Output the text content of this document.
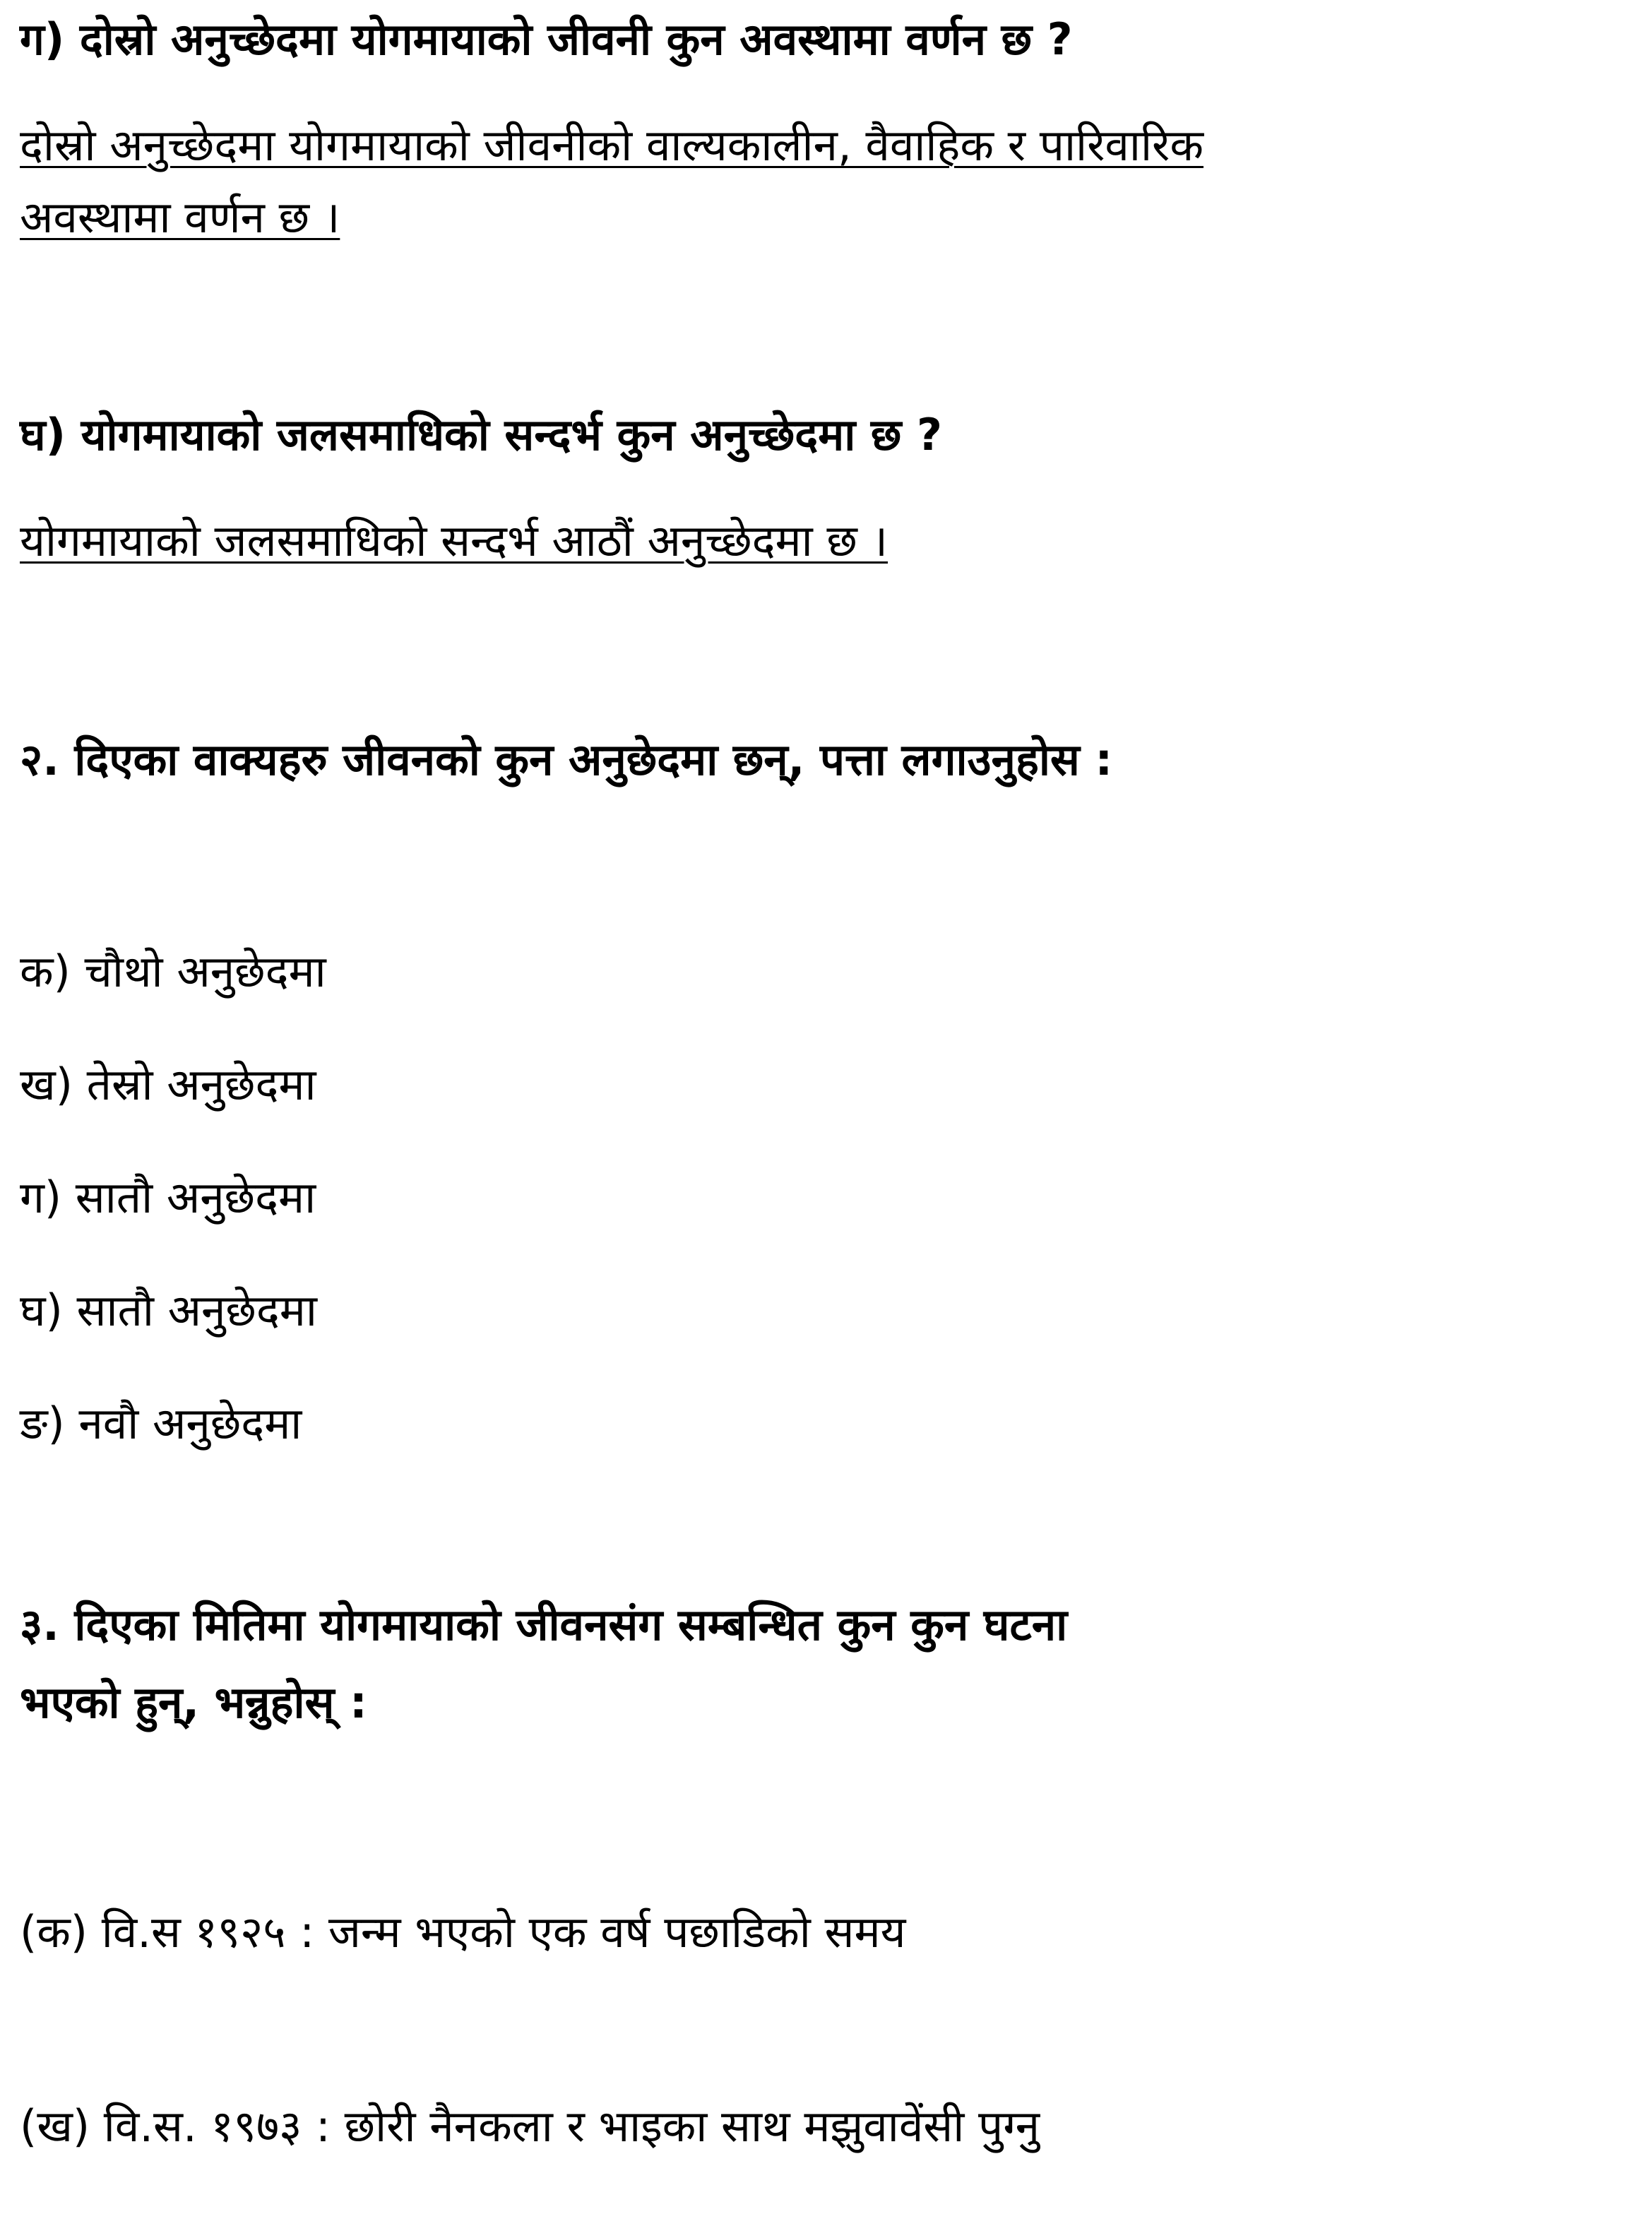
ग) दोस्रो अनुच्छेदमा योगमायाको जीवनी कुन अवस्थामा वर्णन छ ?
दोस्रो अनुच्छेदमा योगमायाको जीवनीको वाल्यकालीन, वैवाहिक र पारिवारिक
अवस्थामा वर्णन छ ।
घ) योगमायाको जलसमाधिको सन्दर्भ कुन अनुच्छेदमा छ ?
योगमायाको जलसमाधिको सन्दर्भ आठौं अनुच्छेदमा छ ।
२. दिएका वाक्यहरु जीवनको कुन अनुछेदमा छन्, पत्ता लगाउनुहोस :
क) चौथो अनुछेदमा
ख) तेस्रो अनुछेदमा
ग) सातौ अनुछेदमा
घ) सातौ अनुछेदमा
ङ) नवौ अनुछेदमा
३. दिएका मितिमा योगमायाको जीवनसंग सम्बन्धित कुन कुन घटना
भएको हुन्, भन्नुहोस् :
(क) वि.स १९२५ : जन्म भएको एक वर्ष पछाडिको समय
(ख) वि.स. १९७३ : छोरी नैनकला र भाइका साथ मझुवावेंसी पुग्नु
